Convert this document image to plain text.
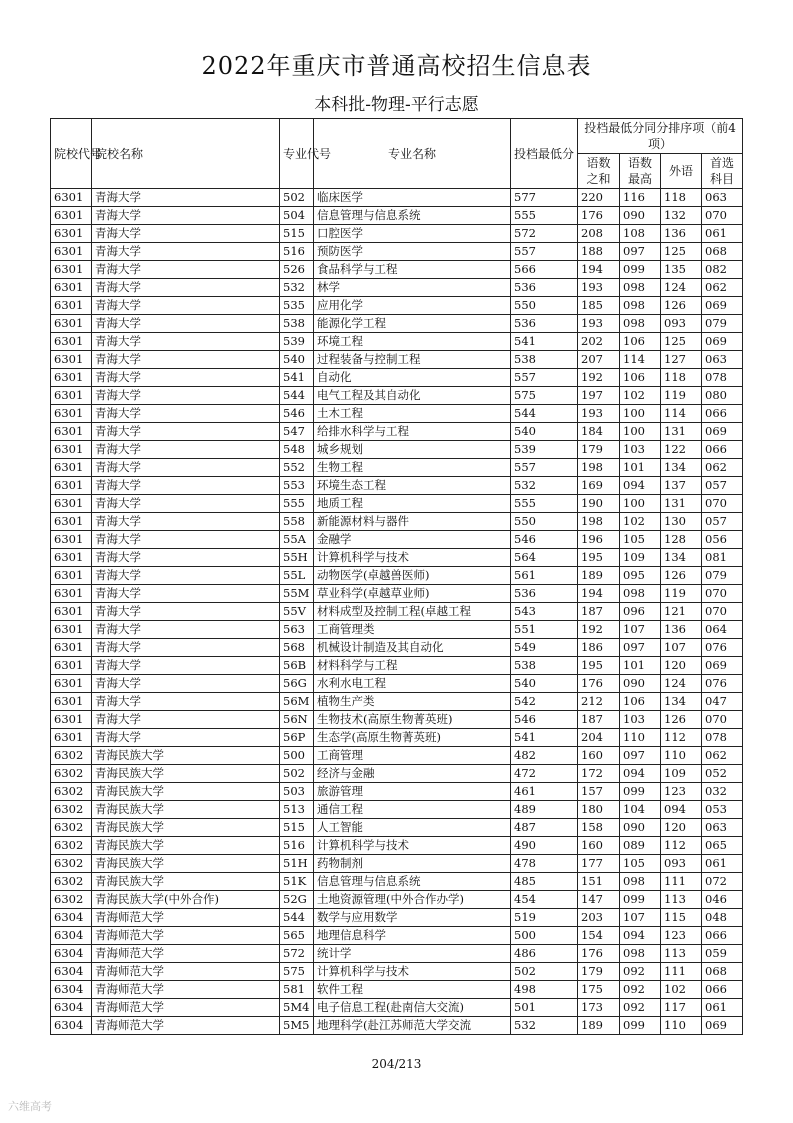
2022年重庆市普通高校招生信息表
本科批-物理-平行志愿
院校代号	院校名称	专业代号	专业名称	投档最低分	投档最低分同分排序项（前4项）			
					语数之和	语数最高	外语	首选科目
6301	青海大学	502	临床医学	577	220	116	118	063
6301	青海大学	504	信息管理与信息系统	555	176	090	132	070
6301	青海大学	515	口腔医学	572	208	108	136	061
6301	青海大学	516	预防医学	557	188	097	125	068
6301	青海大学	526	食品科学与工程	566	194	099	135	082
6301	青海大学	532	林学	536	193	098	124	062
6301	青海大学	535	应用化学	550	185	098	126	069
6301	青海大学	538	能源化学工程	536	193	098	093	079
6301	青海大学	539	环境工程	541	202	106	125	069
6301	青海大学	540	过程装备与控制工程	538	207	114	127	063
6301	青海大学	541	自动化	557	192	106	118	078
6301	青海大学	544	电气工程及其自动化	575	197	102	119	080
6301	青海大学	546	土木工程	544	193	100	114	066
6301	青海大学	547	给排水科学与工程	540	184	100	131	069
6301	青海大学	548	城乡规划	539	179	103	122	066
6301	青海大学	552	生物工程	557	198	101	134	062
6301	青海大学	553	环境生态工程	532	169	094	137	057
6301	青海大学	555	地质工程	555	190	100	131	070
6301	青海大学	558	新能源材料与器件	550	198	102	130	057
6301	青海大学	55A	金融学	546	196	105	128	056
6301	青海大学	55H	计算机科学与技术	564	195	109	134	081
6301	青海大学	55L	动物医学(卓越兽医师)	561	189	095	126	079
6301	青海大学	55M	草业科学(卓越草业师)	536	194	098	119	070
6301	青海大学	55V	材料成型及控制工程(卓越工程	543	187	096	121	070
6301	青海大学	563	工商管理类	551	192	107	136	064
6301	青海大学	568	机械设计制造及其自动化	549	186	097	107	076
6301	青海大学	56B	材料科学与工程	538	195	101	120	069
6301	青海大学	56G	水利水电工程	540	176	090	124	076
6301	青海大学	56M	植物生产类	542	212	106	134	047
6301	青海大学	56N	生物技术(高原生物菁英班)	546	187	103	126	070
6301	青海大学	56P	生态学(高原生物菁英班)	541	204	110	112	078
6302	青海民族大学	500	工商管理	482	160	097	110	062
6302	青海民族大学	502	经济与金融	472	172	094	109	052
6302	青海民族大学	503	旅游管理	461	157	099	123	032
6302	青海民族大学	513	通信工程	489	180	104	094	053
6302	青海民族大学	515	人工智能	487	158	090	120	063
6302	青海民族大学	516	计算机科学与技术	490	160	089	112	065
6302	青海民族大学	51H	药物制剂	478	177	105	093	061
6302	青海民族大学	51K	信息管理与信息系统	485	151	098	111	072
6302	青海民族大学(中外合作)	52G	土地资源管理(中外合作办学)	454	147	099	113	046
6304	青海师范大学	544	数学与应用数学	519	203	107	115	048
6304	青海师范大学	565	地理信息科学	500	154	094	123	066
6304	青海师范大学	572	统计学	486	176	098	113	059
6304	青海师范大学	575	计算机科学与技术	502	179	092	111	068
6304	青海师范大学	581	软件工程	498	175	092	102	066
6304	青海师范大学	5M4	电子信息工程(赴南信大交流)	501	173	092	117	061
6304	青海师范大学	5M5	地理科学(赴江苏师范大学交流	532	189	099	110	069
204/213
六维高考
